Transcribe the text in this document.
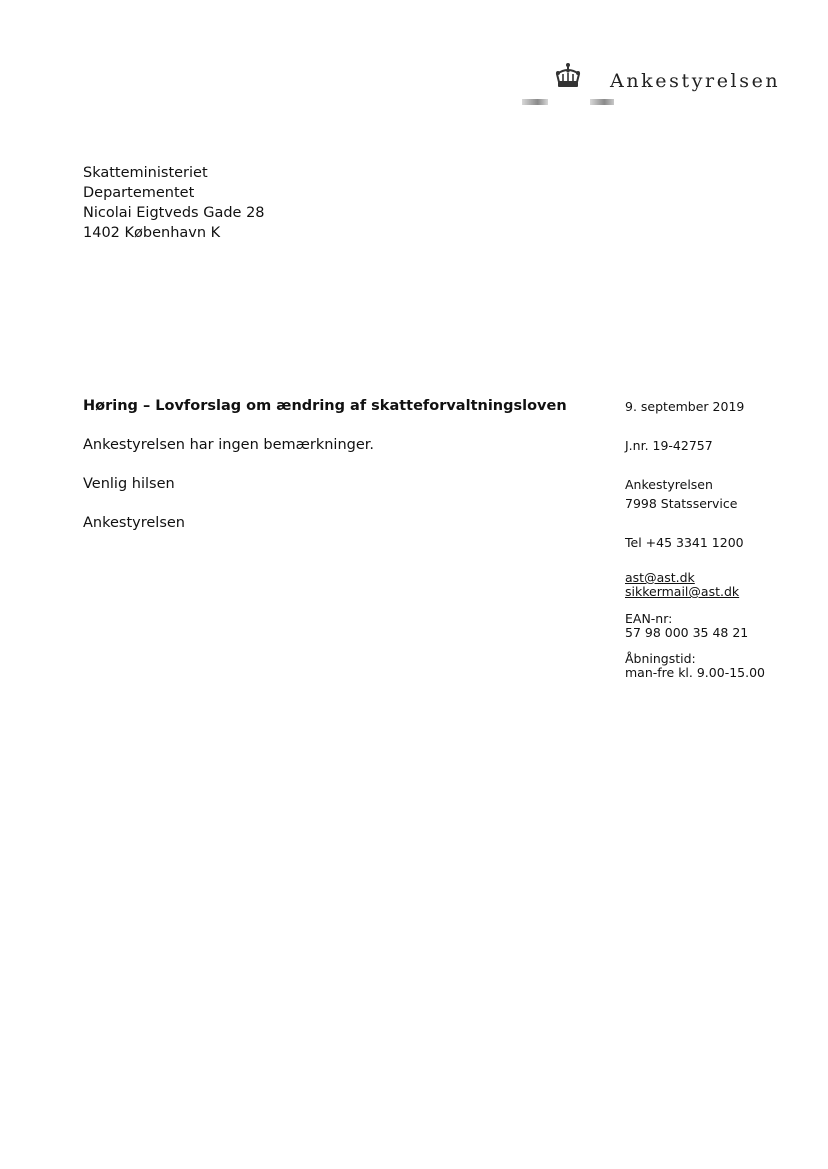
Ankestyrelsen
Skatteministeriet
Departementet
Nicolai Eigtveds Gade 28
1402 København K
Høring – Lovforslag om ændring af skatteforvaltningsloven
Ankestyrelsen har ingen bemærkninger.
Venlig hilsen
Ankestyrelsen
9. september 2019
J.nr. 19-42757
Ankestyrelsen
7998 Statsservice
Tel +45 3341 1200
ast@ast.dk
sikkermail@ast.dk
EAN-nr:
57 98 000 35 48 21
Åbningstid:
man-fre kl. 9.00-15.00
